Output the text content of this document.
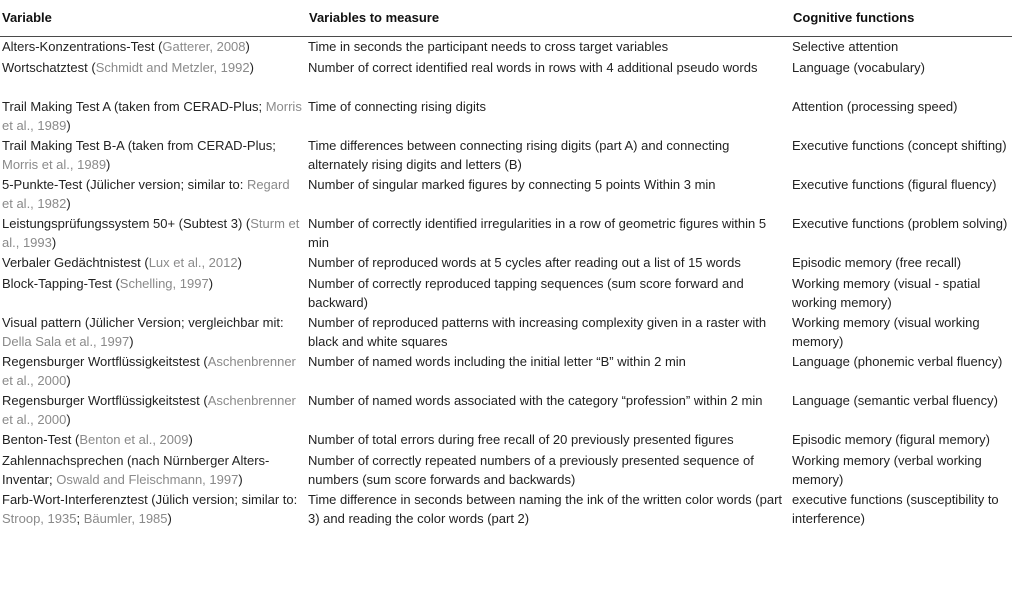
Variable	Variables to measure	Cognitive functions
Alters-Konzentrations-Test (Gatterer, 2008)	Time in seconds the participant needs to cross target variables	Selective attention
Wortschatztest (Schmidt and Metzler, 1992)	Number of correct identified real words in rows with 4 additional pseudo words	Language (vocabulary)
Trail Making Test A (taken from CERAD-Plus; Morris et al., 1989)	Time of connecting rising digits	Attention (processing speed)
Trail Making Test B-A (taken from CERAD-Plus; Morris et al., 1989)	Time differences between connecting rising digits (part A) and connecting alternately rising digits and letters (B)	Executive functions (concept shifting)
5-Punkte-Test (Jülicher version; similar to: Regard et al., 1982)	Number of singular marked figures by connecting 5 points Within 3 min	Executive functions (figural fluency)
Leistungsprüfungssystem 50+ (Subtest 3) (Sturm et al., 1993)	Number of correctly identified irregularities in a row of geometric figures within 5 min	Executive functions (problem solving)
Verbaler Gedächtnistest (Lux et al., 2012)	Number of reproduced words at 5 cycles after reading out a list of 15 words	Episodic memory (free recall)
Block-Tapping-Test (Schelling, 1997)	Number of correctly reproduced tapping sequences (sum score forward and backward)	Working memory (visual - spatial working memory)
Visual pattern (Jülicher Version; vergleichbar mit: Della Sala et al., 1997)	Number of reproduced patterns with increasing complexity given in a raster with black and white squares	Working memory (visual working memory)
Regensburger Wortflüssigkeitstest (Aschenbrenner et al., 2000)	Number of named words including the initial letter “B” within 2 min	Language (phonemic verbal fluency)
Regensburger Wortflüssigkeitstest (Aschenbrenner et al., 2000)	Number of named words associated with the category “profession” within 2 min	Language (semantic verbal fluency)
Benton-Test (Benton et al., 2009)	Number of total errors during free recall of 20 previously presented figures	Episodic memory (figural memory)
Zahlennachsprechen (nach Nürnberger Alters-Inventar; Oswald and Fleischmann, 1997)	Number of correctly repeated numbers of a previously presented sequence of numbers (sum score forwards and backwards)	Working memory (verbal working memory)
Farb-Wort-Interferenztest (Jülich version; similar to: Stroop, 1935; Bäumler, 1985)	Time difference in seconds between naming the ink of the written color words (part 3) and reading the color words (part 2)	executive functions (susceptibility to interference)
